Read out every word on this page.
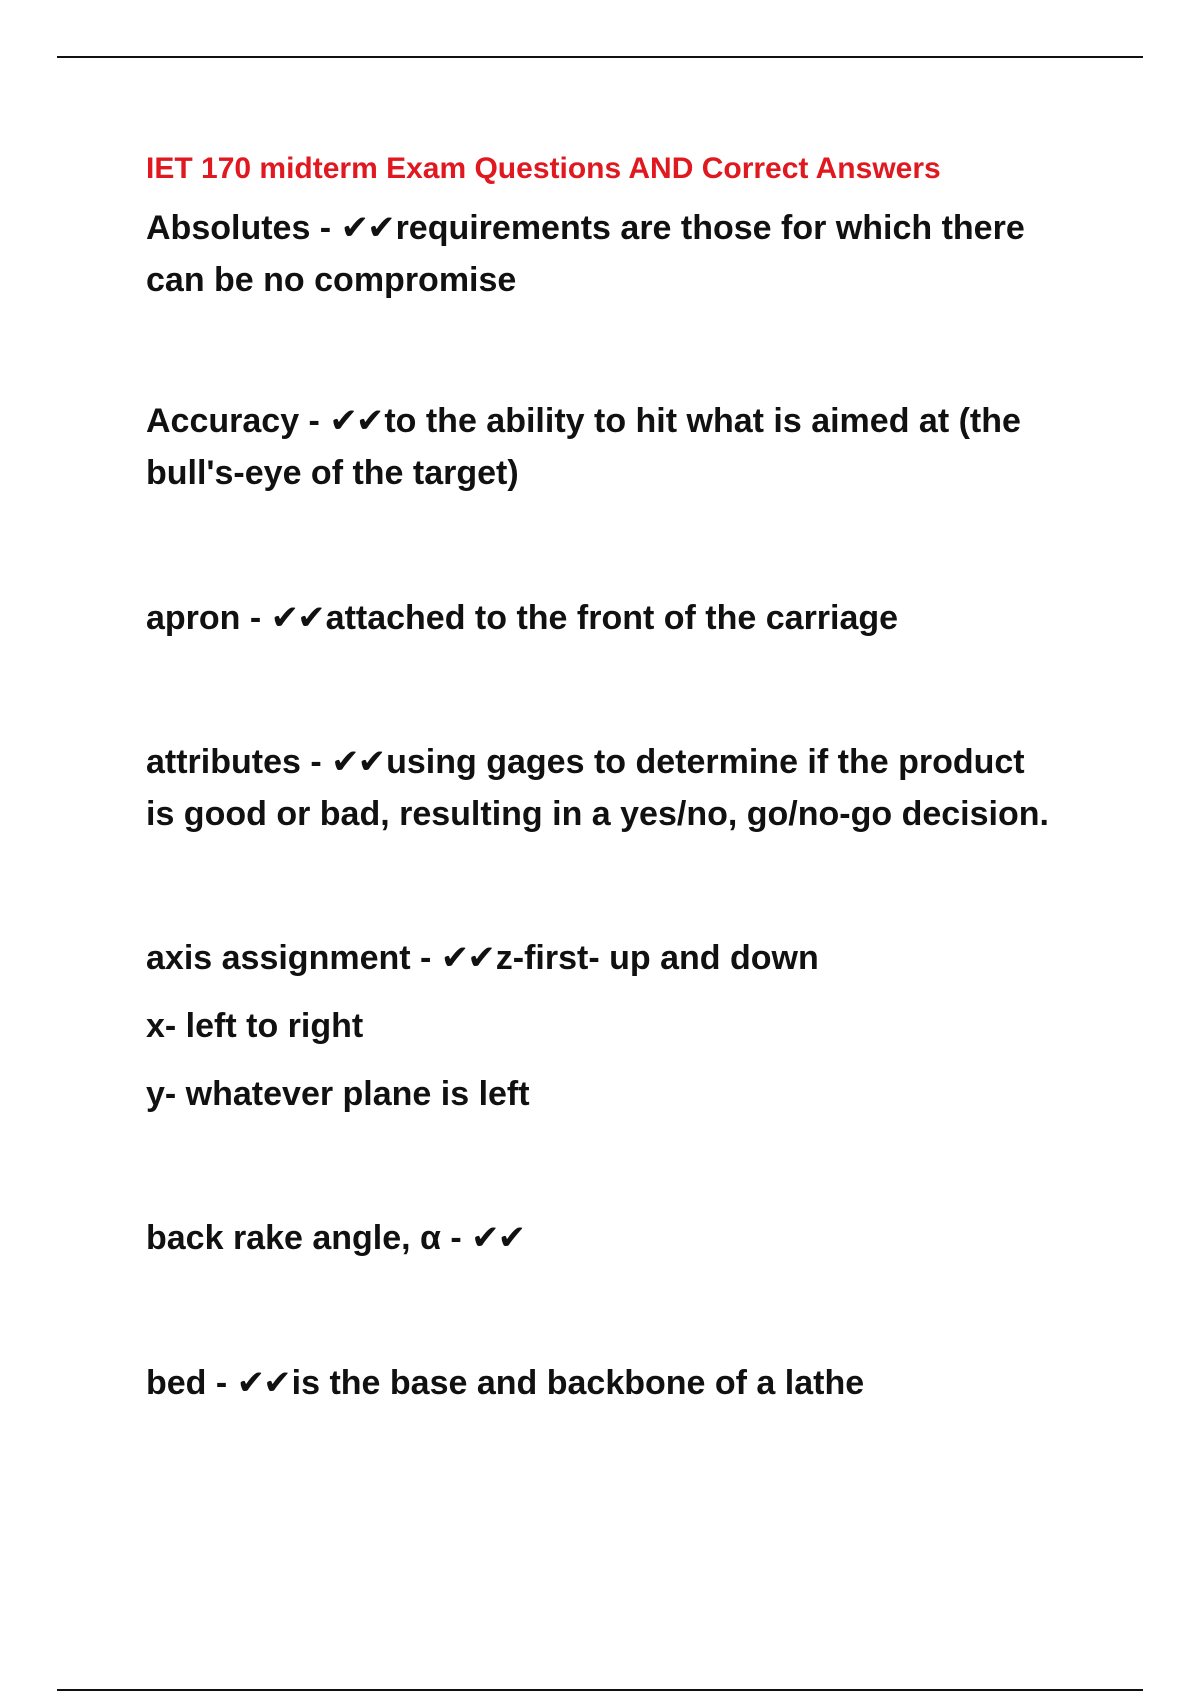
IET 170 midterm Exam Questions AND Correct Answers
Absolutes - ✔✔requirements are those for which there
can be no compromise
Accuracy - ✔✔to the ability to hit what is aimed at (the
bull's-eye of the target)
apron - ✔✔attached to the front of the carriage
attributes - ✔✔using gages to determine if the product
is good or bad, resulting in a yes/no, go/no-go decision.
axis assignment - ✔✔z-first- up and down
x- left to right
y- whatever plane is left
back rake angle, α - ✔✔
bed - ✔✔is the base and backbone of a lathe
